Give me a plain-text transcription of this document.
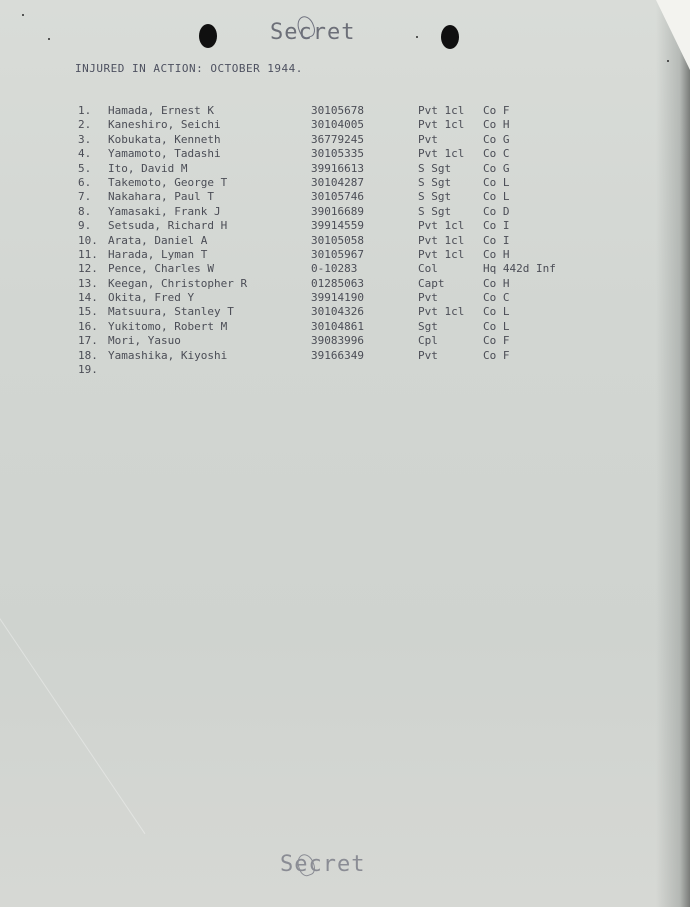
Secret
INJURED IN ACTION: OCTOBER 1944.
1.	Hamada, Ernest K	30105678	Pvt 1cl Co F
2.	Kaneshiro, Seichi	30104005	Pvt 1cl Co H
3.	Kobukata, Kenneth	36779245	Pvt	Co G
4.	Yamamoto, Tadashi	30105335	Pvt 1cl Co C
5.	Ito, David M	39916613	S Sgt	Co G
6.	Takemoto, George T	30104287	S Sgt	Co L
7.	Nakahara, Paul T	30105746	S Sgt	Co L
8.	Yamasaki, Frank J	39016689	S Sgt	Co D
9.	Setsuda, Richard H	39914559	Pvt 1cl Co I
10. Arata, Daniel A	30105058	Pvt 1cl Co I
11. Harada, Lyman T	30105967	Pvt 1cl Co H
12. Pence, Charles W	0-10283	Col	Hq 442d Inf
13. Keegan, Christopher R	01285063	Capt	Co H
14. Okita, Fred Y	39914190	Pvt	Co C
15. Matsuura, Stanley T	30104326	Pvt 1cl Co L
16. Yukitomo, Robert M	30104861	Sgt	Co L
17. Mori, Yasuo	39083996	Cpl	Co F
18. Yamashika, Kiyoshi	39166349	Pvt	Co F
19.
Secret
